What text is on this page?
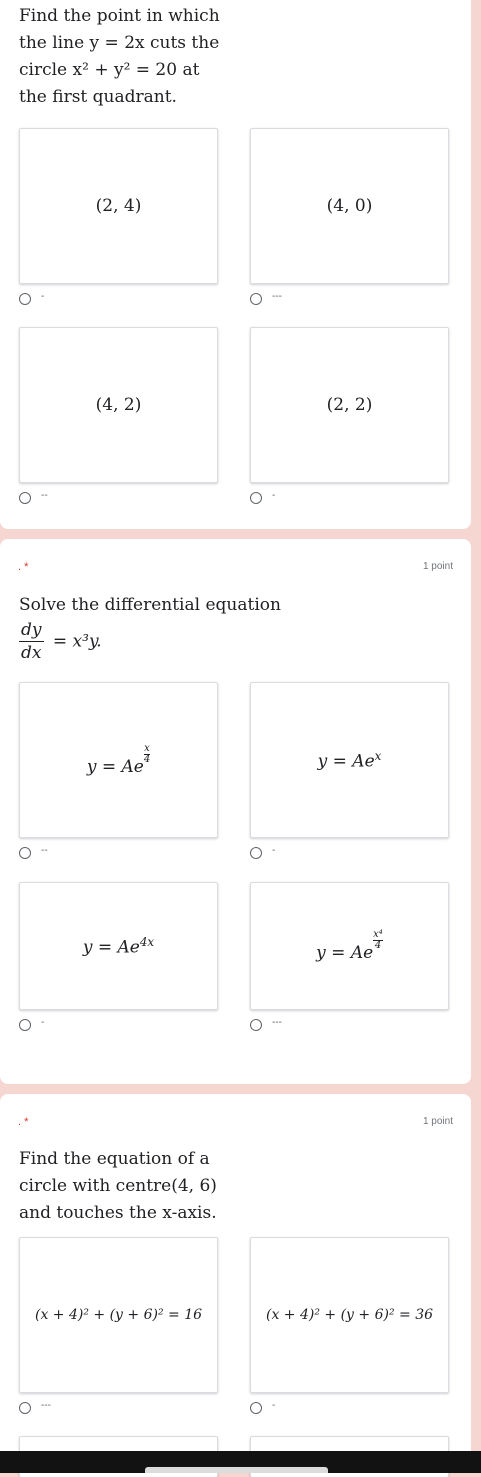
Find the point in which
the line y = 2x cuts the
circle x² + y² = 20 at
the first quadrant.
(2, 4)	(4, 0)
-	---
(4, 2)	(2, 2)
--	-
. *	1 point
Solve the differential equation
$\frac{dy}{dx} = x^3y$.
y = Ae
$\frac{x}{4}$	$y = Ae^x$
--	-
$y = Ae^{4x}$
y = Ae
$\frac{\text{x⁴}}{4}$
-	---
. *	1 point
Find the equation of a
circle with centre(4, 6)
and touches the x-axis.
(x + 4)² + (y + 6)² = 16	(x + 4)² + (y + 6)² = 36
---	-
